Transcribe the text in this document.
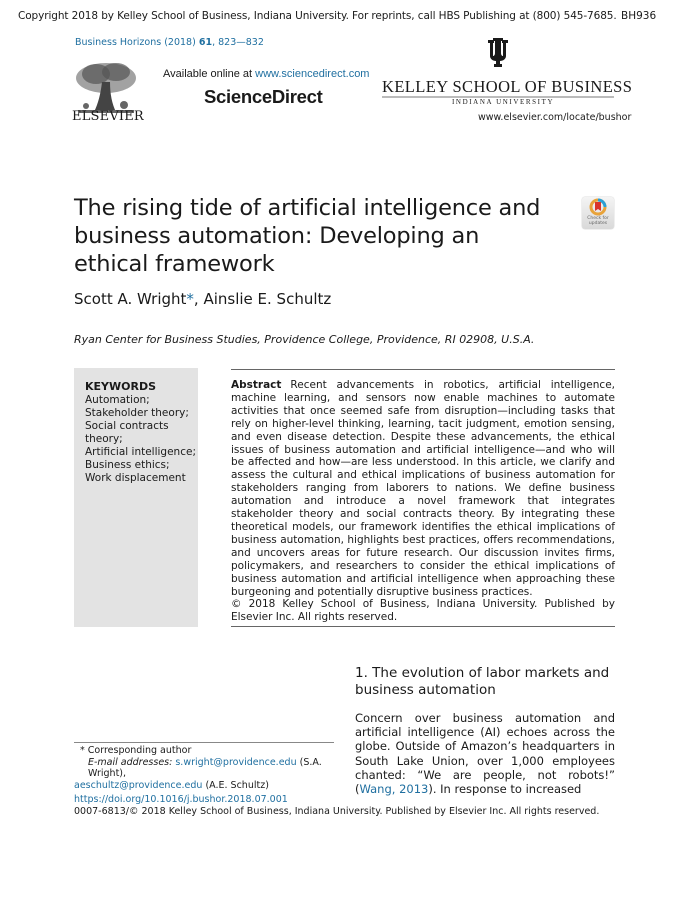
Copyright 2018 by Kelley School of Business, Indiana University. For reprints, call HBS Publishing at (800) 545-7685. BH936
Business Horizons (2018) 61, 823—832
ELSEVIER
Available online at www.sciencedirect.com
ScienceDirect	KELLEY SCHOOL OF BUSINESS
INDIANA UNIVERSITY
www.elsevier.com/locate/bushor
The rising tide of artificial intelligence and business automation: Developing an ethical framework
Check for updates
Scott A. Wright*, Ainslie E. Schultz
Ryan Center for Business Studies, Providence College, Providence, RI 02908, U.S.A.
KEYWORDS
Automation;
Stakeholder theory;
Social contracts
theory;
Artificial intelligence;
Business ethics;
Work displacement
Abstract Recent advancements in robotics, artificial intelligence, machine learning, and sensors now enable machines to automate activities that once seemed safe from disruption—including tasks that rely on higher-level thinking, learning, tacit judgment, emotion sensing, and even disease detection. Despite these advancements, the ethical issues of business automation and artificial intelligence—and who will be affected and how—are less understood. In this article, we clarify and assess the cultural and ethical implications of business automation for stakeholders ranging from laborers to nations. We define business automation and introduce a novel framework that integrates stakeholder theory and social contracts theory. By integrating these theoretical models, our framework identifies the ethical implications of business automation, highlights best practices, offers recommendations, and uncovers areas for future research. Our discussion invites firms, policymakers, and researchers to consider the ethical implications of business automation and artificial intelligence when approaching these burgeoning and potentially disruptive business practices.
© 2018 Kelley School of Business, Indiana University. Published by Elsevier Inc. All rights reserved.
1. The evolution of labor markets and business automation
Concern over business automation and artificial intelligence (AI) echoes across the globe. Outside of Amazon’s headquarters in South Lake Union, over 1,000 employees chanted: “We are people, not robots!” (Wang, 2013). In response to increased
* Corresponding author
E-mail addresses: s.wright@providence.edu (S.A. Wright),
aeschultz@providence.edu (A.E. Schultz)
https://doi.org/10.1016/j.bushor.2018.07.001
0007-6813/© 2018 Kelley School of Business, Indiana University. Published by Elsevier Inc. All rights reserved.
